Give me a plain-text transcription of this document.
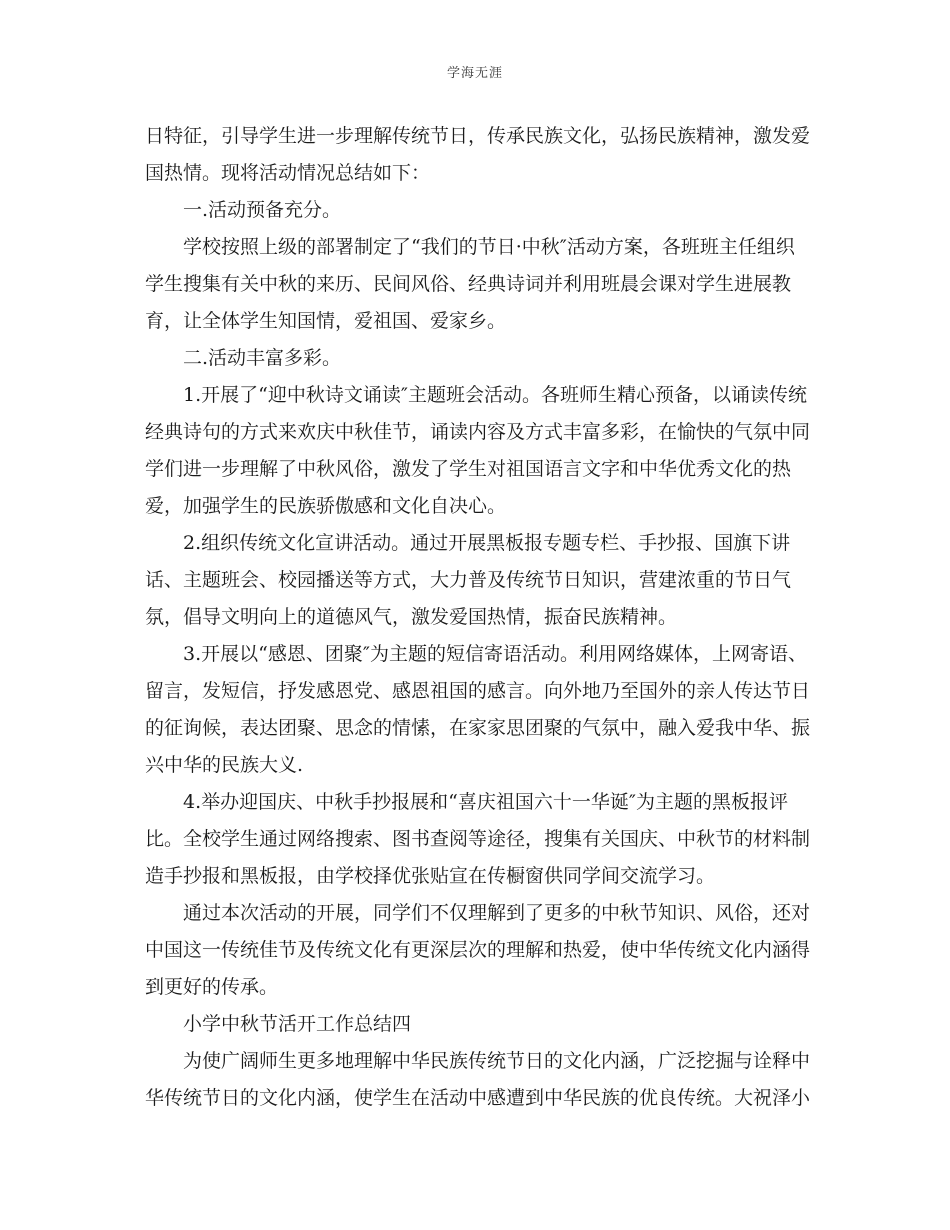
学海无涯
日特征，引导学生进一步理解传统节日，传承民族文化，弘扬民族精神，激发爱
国热情。现将活动情况总结如下：
一.活动预备充分。
学校按照上级的部署制定了“我们的节日·中秋″活动方案，各班班主任组织
学生搜集有关中秋的来历、民间风俗、经典诗词并利用班晨会课对学生进展教
育，让全体学生知国情，爱祖国、爱家乡。
二.活动丰富多彩。
1.开展了“迎中秋诗文诵读″主题班会活动。各班师生精心预备，以诵读传统
经典诗句的方式来欢庆中秋佳节，诵读内容及方式丰富多彩，在愉快的气氛中同
学们进一步理解了中秋风俗，激发了学生对祖国语言文字和中华优秀文化的热
爱，加强学生的民族骄傲感和文化自决心。
2.组织传统文化宣讲活动。通过开展黑板报专题专栏、手抄报、国旗下讲
话、主题班会、校园播送等方式，大力普及传统节日知识，营建浓重的节日气
氛，倡导文明向上的道德风气，激发爱国热情，振奋民族精神。
3.开展以“感恩、团聚″为主题的短信寄语活动。利用网络媒体，上网寄语、
留言，发短信，抒发感恩党、感恩祖国的感言。向外地乃至国外的亲人传达节日
的征询候，表达团聚、思念的情愫，在家家思团聚的气氛中，融入爱我中华、振
兴中华的民族大义.
4.举办迎国庆、中秋手抄报展和“喜庆祖国六十一华诞″为主题的黑板报评
比。全校学生通过网络搜索、图书查阅等途径，搜集有关国庆、中秋节的材料制
造手抄报和黑板报，由学校择优张贴宣在传橱窗供同学间交流学习。
通过本次活动的开展，同学们不仅理解到了更多的中秋节知识、风俗，还对
中国这一传统佳节及传统文化有更深层次的理解和热爱，使中华传统文化内涵得
到更好的传承。
小学中秋节活开工作总结四
为使广阔师生更多地理解中华民族传统节日的文化内涵，广泛挖掘与诠释中
华传统节日的文化内涵，使学生在活动中感遭到中华民族的优良传统。大祝泽小
